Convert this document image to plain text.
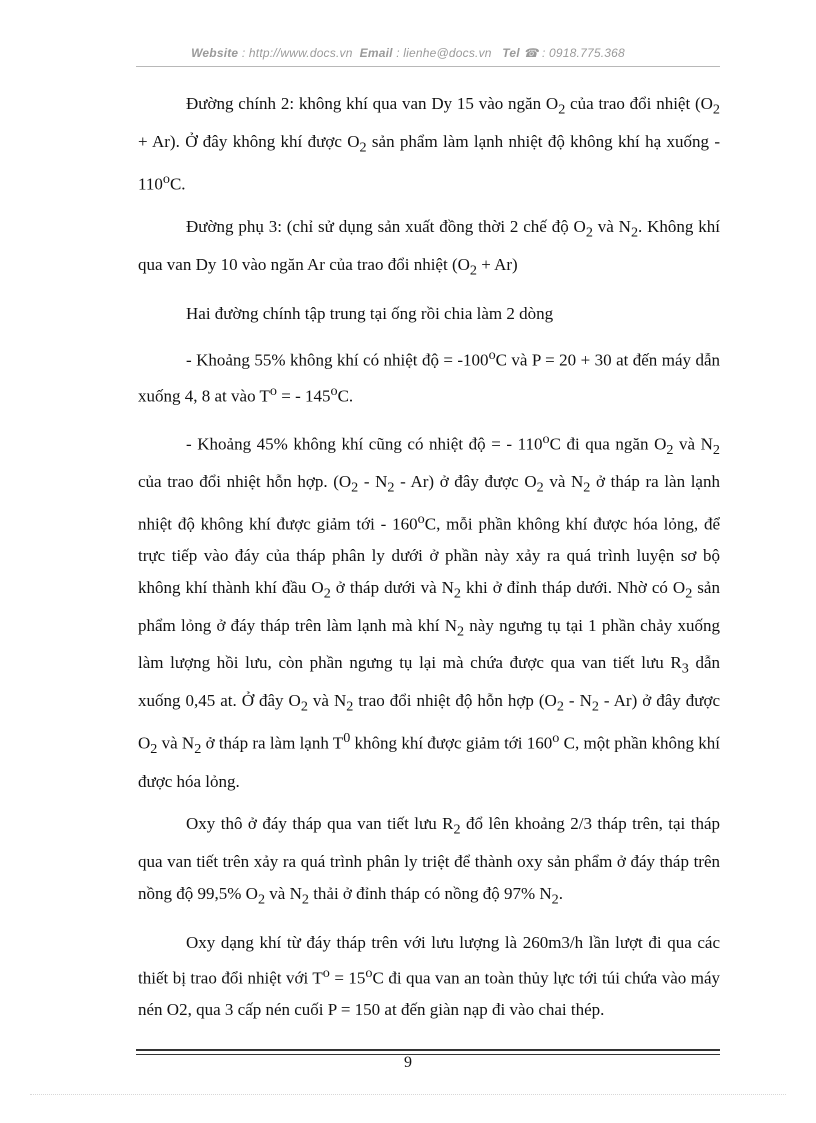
Website : http://www.docs.vn Email : lienhe@docs.vn Tel ☎ : 0918.775.368

Đường chính 2: không khí qua van Dy 15 vào ngăn $O_2$ của trao đổi nhiệt $(O_2 + Ar)$. Ở đây không khí được $O_2$ sản phẩm làm lạnh nhiệt độ không khí hạ xuống - 110$^o$C.

Đường phụ 3: (chỉ sử dụng sản xuất đồng thời 2 chế độ $O_2$ và $N_2$. Không khí qua van Dy 10 vào ngăn Ar của trao đổi nhiệt $(O_2 + Ar)$

Hai đường chính tập trung tại ống rồi chia làm 2 dòng

- Khoảng 55% không khí có nhiệt độ = $-100^oC$ và P = 20 + 30 at đến máy dẫn xuống 4, 8 at vào $T^o$ = - 145$^o$C.

- Khoảng 45% không khí cũng có nhiệt độ = - 110$^o$C đi qua ngăn $O_2$ và $N_2$ của trao đổi nhiệt hỗn hợp. $(O_2 - N_2 - Ar)$ ở đây được $O_2$ và $N_2$ ở tháp ra làn lạnh nhiệt độ không khí được giảm tới - 160$^o$C, mỗi phần không khí được hóa lỏng, để trực tiếp vào đáy của tháp phân ly dưới ở phần này xảy ra quá trình luyện sơ bộ không khí thành khí đầu $O_2$ ở tháp dưới và $N_2$ khi ở đỉnh tháp dưới. Nhờ có $O_2$ sản phẩm lỏng ở đáy tháp trên làm lạnh mà khí $N_2$ này ngưng tụ tại 1 phần chảy xuống làm lượng hồi lưu, còn phần ngưng tụ lại mà chứa được qua van tiết lưu $R_3$ dẫn xuống 0,45 at. Ở đây $O_2$ và $N_2$ trao đổi nhiệt độ hỗn hợp $(O_2 - N_2 - Ar)$ ở đây được $O_2$ và $N_2$ ở tháp ra làm lạnh $T^0$ không khí được giảm tới 160$^o$ C, một phần không khí được hóa lỏng.

Oxy thô ở đáy tháp qua van tiết lưu $R_2$ đổ lên khoảng 2/3 tháp trên, tại tháp qua van tiết trên xảy ra quá trình phân ly triệt để thành oxy sản phẩm ở đáy tháp trên nồng độ 99,5% $O_2$ và $N_2$ thải ở đỉnh tháp có nồng độ 97% $N_2$.

Oxy dạng khí từ đáy tháp trên với lưu lượng là 260m3/h lần lượt đi qua các thiết bị trao đổi nhiệt với $T^o = 15^oC$ đi qua van an toàn thủy lực tới túi chứa vào máy nén O2, qua 3 cấp nén cuối P = 150 at đến giàn nạp đi vào chai thép.

9
